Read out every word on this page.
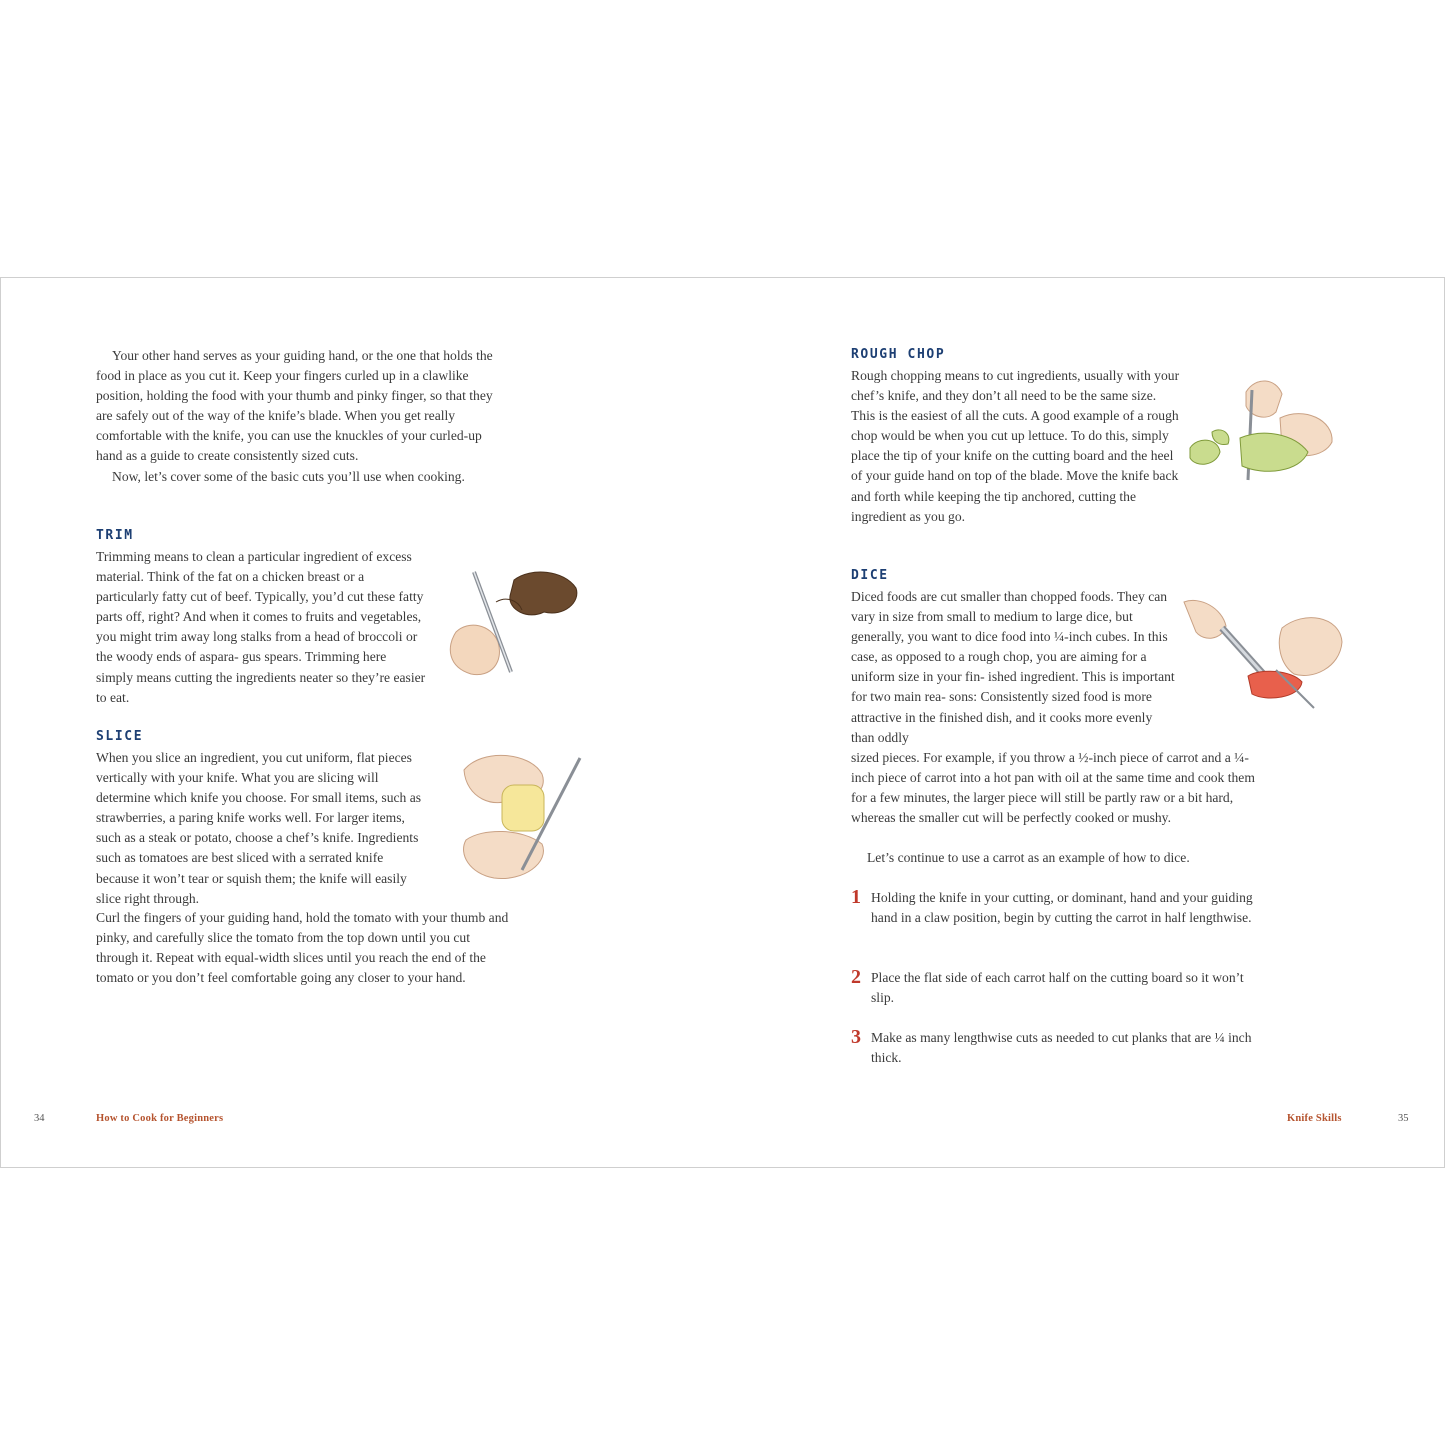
Your other hand serves as your guiding hand, or the one that holds the food in place as you cut it. Keep your fingers curled up in a clawlike position, holding the food with your thumb and pinky finger, so that they are safely out of the way of the knife’s blade. When you get really comfortable with the knife, you can use the knuckles of your curled-up hand as a guide to create consistently sized cuts.

Now, let’s cover some of the basic cuts you’ll use when cooking.

TRIM
Trimming means to clean a particular ingredient of excess material. Think of the fat on a chicken breast or a particularly fatty cut of beef. Typically, you’d cut these fatty parts off, right? And when it comes to fruits and vegetables, you might trim away long stalks from a head of broccoli or the woody ends of aspara- gus spears. Trimming here simply means cutting the ingredients neater so they’re easier to eat.
SLICE
When you slice an ingredient, you cut uniform, flat pieces vertically with your knife. What you are slicing will determine which knife you choose. For small items, such as strawberries, a paring knife works well. For larger items, such as a steak or potato, choose a chef’s knife. Ingredients such as tomatoes are best sliced with a serrated knife because it won’t tear or squish them; the knife will easily slice right through.
Curl the fingers of your guiding hand, hold the tomato with your thumb and pinky, and carefully slice the tomato from the top down until you cut through it. Repeat with equal-width slices until you reach the end of the tomato or you don’t feel comfortable going any closer to your hand.
34	How to Cook for Beginners
ROUGH CHOP
Rough chopping means to cut ingredients, usually with your chef’s knife, and they don’t all need to be the same size. This is the easiest of all the cuts. A good example of a rough chop would be when you cut up lettuce. To do this, simply place the tip of your knife on the cutting board and the heel of your guide hand on top of the blade. Move the knife back and forth while keeping the tip anchored, cutting the ingredient as you go.
DICE
Diced foods are cut smaller than chopped foods. They can vary in size from small to medium to large dice, but generally, you want to dice food into ¼-inch cubes. In this case, as opposed to a rough chop, you are aiming for a uniform size in your fin- ished ingredient. This is important for two main rea- sons: Consistently sized food is more attractive in the finished dish, and it cooks more evenly than oddly
sized pieces. For example, if you throw a ½-inch piece of carrot and a ¼-inch piece of carrot into a hot pan with oil at the same time and cook them for a few minutes, the larger piece will still be partly raw or a bit hard, whereas the smaller cut will be perfectly cooked or mushy.
Let’s continue to use a carrot as an example of how to dice.
1 Holding the knife in your cutting, or dominant, hand and your guiding hand in a claw position, begin by cutting the carrot in half lengthwise.
2 Place the flat side of each carrot half on the cutting board so it won’t slip.
3 Make as many lengthwise cuts as needed to cut planks that are ¼ inch thick.
Knife Skills	35
